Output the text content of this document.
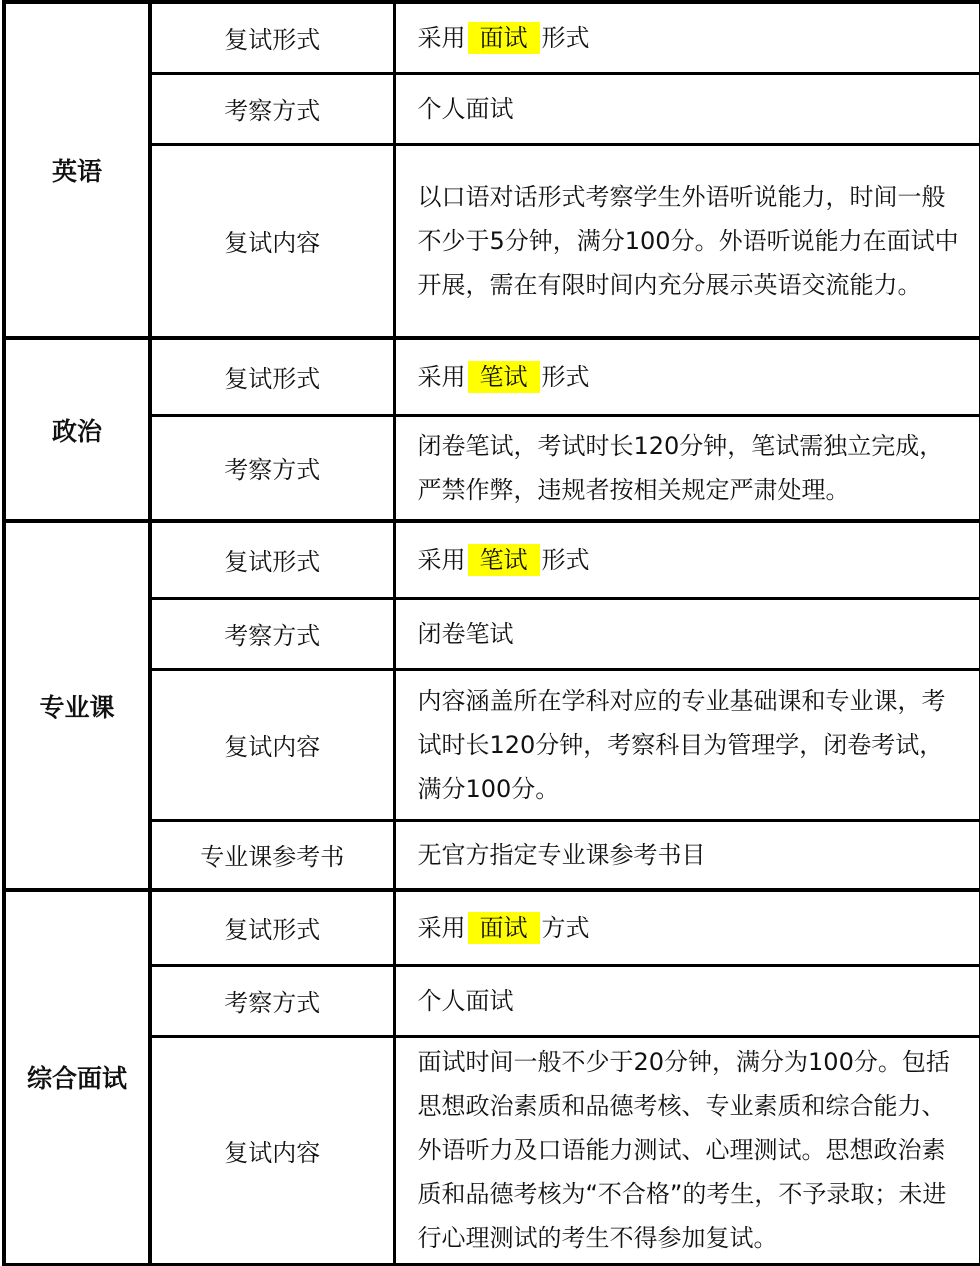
英语	复试形式	采用 面试 形式
	考察方式	个人面试
	复试内容	以口语对话形式考察学生外语听说能力，时间一般不少于5分钟，满分100分。外语听说能力在面试中开展，需在有限时间内充分展示英语交流能力。
政治	复试形式	采用 笔试 形式
	考察方式	闭卷笔试，考试时长120分钟，笔试需独立完成，严禁作弊，违规者按相关规定严肃处理。
专业课	复试形式	采用 笔试 形式
	考察方式	闭卷笔试
	复试内容	内容涵盖所在学科对应的专业基础课和专业课，考试时长120分钟，考察科目为管理学，闭卷考试，满分100分。
	专业课参考书	无官方指定专业课参考书目
综合面试	复试形式	采用 面试 方式
	考察方式	个人面试
	复试内容	面试时间一般不少于20分钟，满分为100分。包括思想政治素质和品德考核、专业素质和综合能力、外语听力及口语能力测试、心理测试。思想政治素质和品德考核为“不合格”的考生，不予录取；未进行心理测试的考生不得参加复试。
